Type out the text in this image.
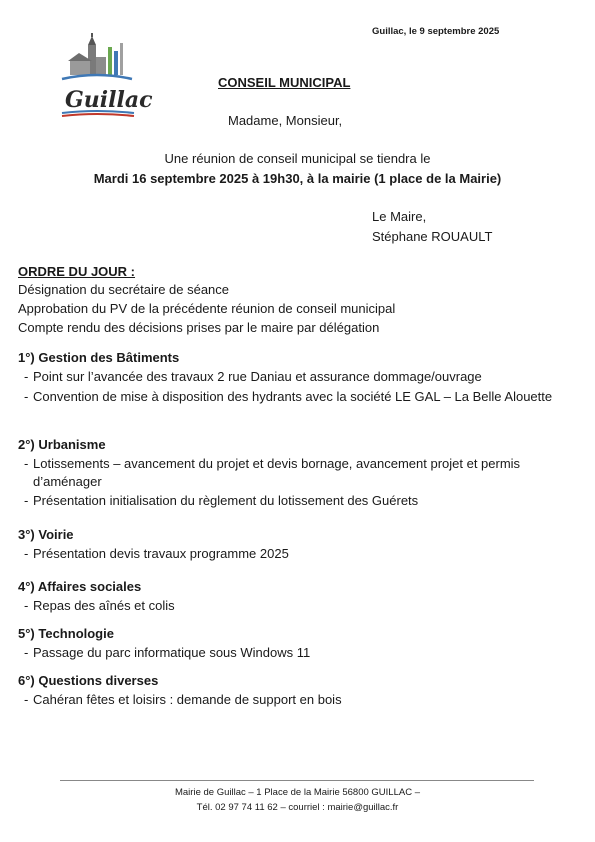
Guillac, le 9 septembre 2025
Guillac
CONSEIL MUNICIPAL
Madame, Monsieur,
Une réunion de conseil municipal se tiendra le
Mardi 16 septembre 2025 à 19h30, à la mairie (1 place de la Mairie)
Le Maire,
Stéphane ROUAULT
ORDRE DU JOUR :
Désignation du secrétaire de séance
Approbation du PV de la précédente réunion de conseil municipal
Compte rendu des décisions prises par le maire par délégation
1°) Gestion des Bâtiments
- Point sur l’avancée des travaux 2 rue Daniau et assurance dommage/ouvrage
- Convention de mise à disposition des hydrants avec la société LE GAL – La Belle Alouette
2°) Urbanisme
- Lotissements – avancement du projet et devis bornage, avancement projet et permis d’aménager
- Présentation initialisation du règlement du lotissement des Guérets
3°) Voirie
- Présentation devis travaux programme 2025
4°) Affaires sociales
- Repas des aînés et colis
5°) Technologie
- Passage du parc informatique sous Windows 11
6°) Questions diverses
- Cahéran fêtes et loisirs : demande de support en bois
Mairie de Guillac – 1 Place de la Mairie 56800 GUILLAC –
Tél. 02 97 74 11 62 – courriel : mairie@guillac.fr
